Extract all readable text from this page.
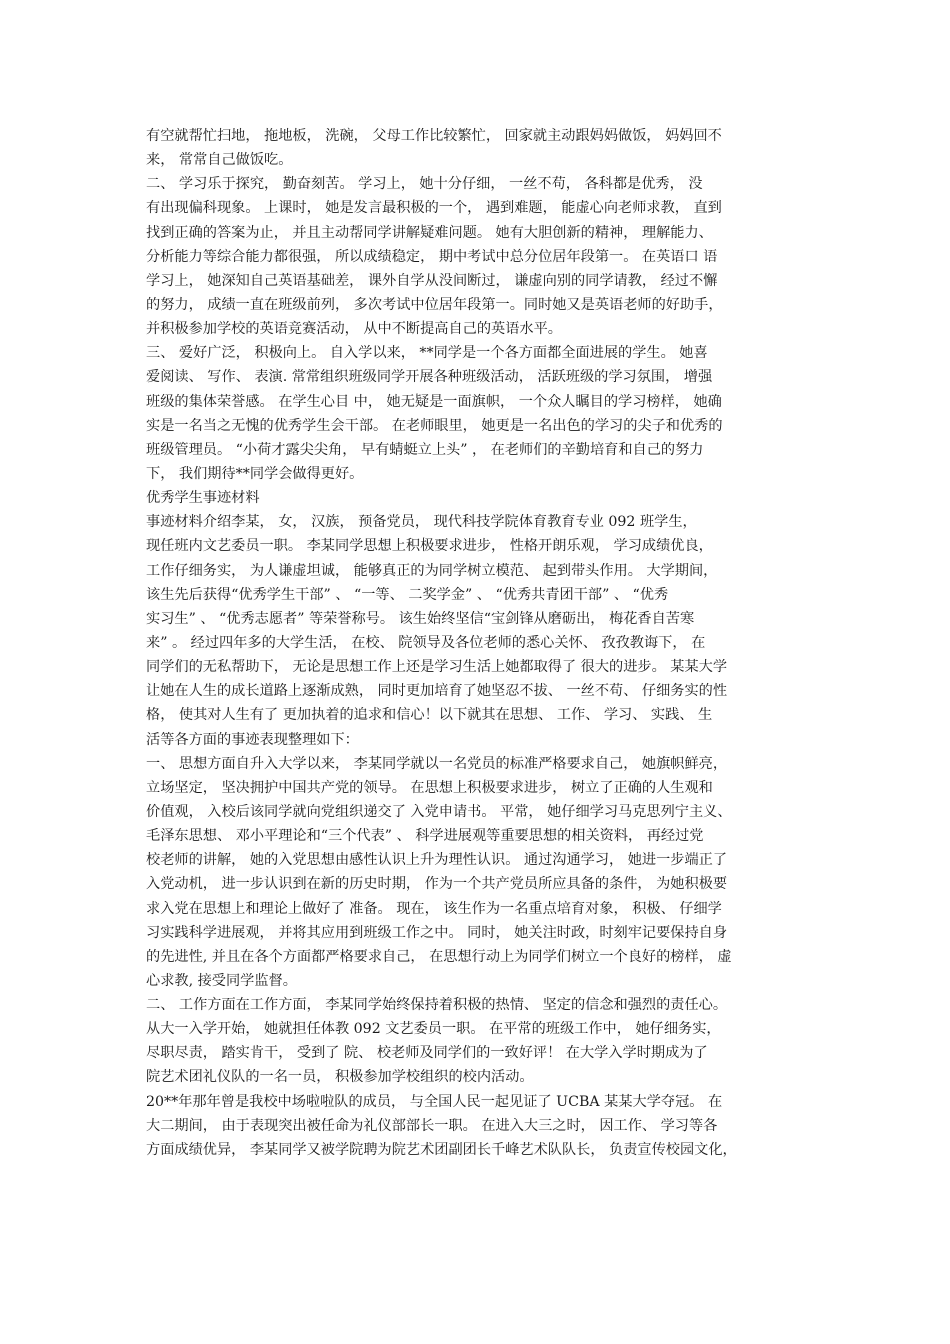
有空就帮忙扫地， 拖地板， 洗碗， 父母工作比较繁忙， 回家就主动跟妈妈做饭， 妈妈回不
来， 常常自己做饭吃。
二、 学习乐于探究， 勤奋刻苦。 学习上， 她十分仔细， 一丝不苟， 各科都是优秀， 没
有出现偏科现象。 上课时， 她是发言最积极的一个， 遇到难题， 能虚心向老师求教， 直到
找到正确的答案为止， 并且主动帮同学讲解疑难问题。 她有大胆创新的精神， 理解能力、
分析能力等综合能力都很强， 所以成绩稳定， 期中考试中总分位居年段第一。 在英语口 语
学习上， 她深知自己英语基础差， 课外自学从没间断过， 谦虚向别的同学请教， 经过不懈
的努力， 成绩一直在班级前列， 多次考试中位居年段第一。同时她又是英语老师的好助手，
并积极参加学校的英语竞赛活动， 从中不断提高自己的英语水平。
三、 爱好广泛， 积极向上。 自入学以来， **同学是一个各方面都全面进展的学生。 她喜
爱阅读、 写作、 表演. 常常组织班级同学开展各种班级活动， 活跃班级的学习氛围， 增强
班级的集体荣誉感。 在学生心目 中， 她无疑是一面旗帜， 一个众人瞩目的学习榜样， 她确
实是一名当之无愧的优秀学生会干部。 在老师眼里， 她更是一名出色的学习的尖子和优秀的
班级管理员。 “小荷才露尖尖角， 早有蜻蜓立上头” ， 在老师们的辛勤培育和自己的努力
下， 我们期待**同学会做得更好。
优秀学生事迹材料
事迹材料介绍李某， 女， 汉族， 预备党员， 现代科技学院体育教育专业 092 班学生，
现任班内文艺委员一职。 李某同学思想上积极要求进步， 性格开朗乐观， 学习成绩优良，
工作仔细务实， 为人谦虚坦诚， 能够真正的为同学树立模范、 起到带头作用。 大学期间，
该生先后获得“优秀学生干部” 、 “一等、 二奖学金” 、 “优秀共青团干部” 、 “优秀
实习生” 、 “优秀志愿者” 等荣誉称号。 该生始终坚信“宝剑锋从磨砺出， 梅花香自苦寒
来” 。 经过四年多的大学生活， 在校、 院领导及各位老师的悉心关怀、 孜孜教诲下， 在
同学们的无私帮助下， 无论是思想工作上还是学习生活上她都取得了 很大的进步。 某某大学
让她在人生的成长道路上逐渐成熟， 同时更加培育了她坚忍不拔、 一丝不苟、 仔细务实的性
格， 使其对人生有了 更加执着的追求和信心！以下就其在思想、 工作、 学习、 实践、 生
活等各方面的事迹表现整理如下：
一、 思想方面自升入大学以来， 李某同学就以一名党员的标准严格要求自己， 她旗帜鲜亮，
立场坚定， 坚决拥护中国共产党的领导。 在思想上积极要求进步， 树立了正确的人生观和
价值观， 入校后该同学就向党组织递交了 入党申请书。 平常， 她仔细学习马克思列宁主义、
毛泽东思想、 邓小平理论和“三个代表” 、 科学进展观等重要思想的相关资料， 再经过党
校老师的讲解， 她的入党思想由感性认识上升为理性认识。 通过沟通学习， 她进一步端正了
入党动机， 进一步认识到在新的历史时期， 作为一个共产党员所应具备的条件， 为她积极要
求入党在思想上和理论上做好了 准备。 现在， 该生作为一名重点培育对象， 积极、 仔细学
习实践科学进展观， 并将其应用到班级工作之中。 同时， 她关注时政，时刻牢记要保持自身
的先进性, 并且在各个方面都严格要求自己， 在思想行动上为同学们树立一个良好的榜样， 虚
心求教, 接受同学监督。
二、 工作方面在工作方面， 李某同学始终保持着积极的热情、 坚定的信念和强烈的责任心。
从大一入学开始， 她就担任体教 092 文艺委员一职。 在平常的班级工作中， 她仔细务实，
尽职尽责， 踏实肯干， 受到了 院、 校老师及同学们的一致好评！ 在大学入学时期成为了
院艺术团礼仪队的一名一员， 积极参加学校组织的校内活动。
20**年那年曾是我校中场啦啦队的成员， 与全国人民一起见证了 UCBA 某某大学夺冠。 在
大二期间， 由于表现突出被任命为礼仪部部长一职。 在进入大三之时， 因工作、 学习等各
方面成绩优异， 李某同学又被学院聘为院艺术团副团长千峰艺术队队长， 负责宣传校园文化，
